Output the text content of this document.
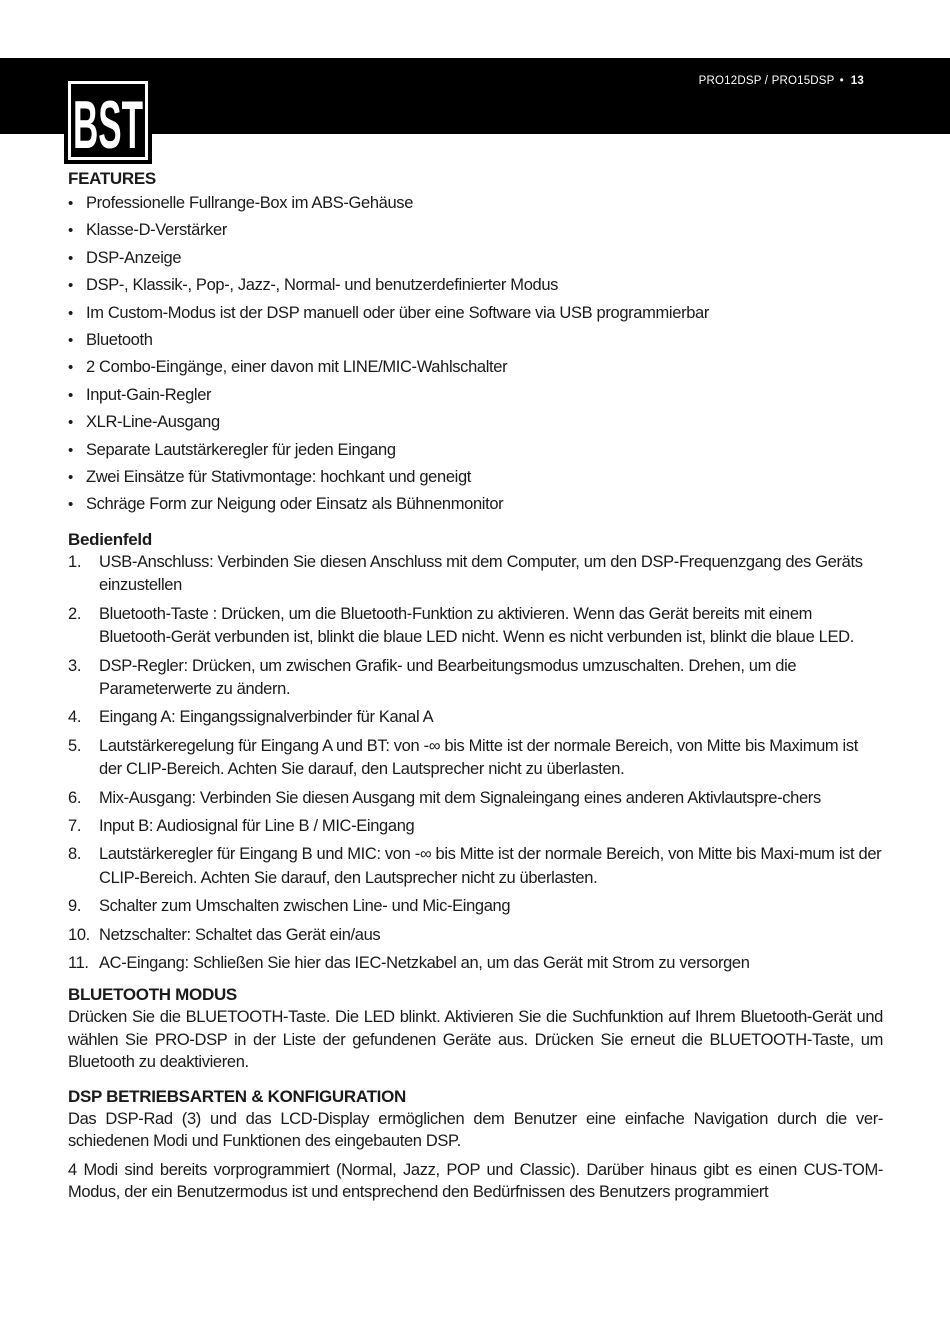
PRO12DSP / PRO15DSP • 13
BST
FEATURES
• Professionelle Fullrange-Box im ABS-Gehäuse
• Klasse-D-Verstärker
• DSP-Anzeige
• DSP-, Klassik-, Pop-, Jazz-, Normal- und benutzerdefinierter Modus
• Im Custom-Modus ist der DSP manuell oder über eine Software via USB programmierbar
• Bluetooth
• 2 Combo-Eingänge, einer davon mit LINE/MIC-Wahlschalter
• Input-Gain-Regler
• XLR-Line-Ausgang
• Separate Lautstärkeregler für jeden Eingang
• Zwei Einsätze für Stativmontage: hochkant und geneigt
• Schräge Form zur Neigung oder Einsatz als Bühnenmonitor
Bedienfeld
1. USB-Anschluss: Verbinden Sie diesen Anschluss mit dem Computer, um den DSP-Frequenzgang des Geräts einzustellen
2. Bluetooth-Taste : Drücken, um die Bluetooth-Funktion zu aktivieren. Wenn das Gerät bereits mit einem Bluetooth-Gerät verbunden ist, blinkt die blaue LED nicht. Wenn es nicht verbunden ist, blinkt die blaue LED.
3. DSP-Regler: Drücken, um zwischen Grafik- und Bearbeitungsmodus umzuschalten. Drehen, um die Parameterwerte zu ändern.
4. Eingang A: Eingangssignalverbinder für Kanal A
5. Lautstärkeregelung für Eingang A und BT: von -∞ bis Mitte ist der normale Bereich, von Mitte bis Maximum ist der CLIP-Bereich. Achten Sie darauf, den Lautsprecher nicht zu überlasten.
6. Mix-Ausgang: Verbinden Sie diesen Ausgang mit dem Signaleingang eines anderen Aktivlautspre-chers
7. Input B: Audiosignal für Line B / MIC-Eingang
8. Lautstärkeregler für Eingang B und MIC: von -∞ bis Mitte ist der normale Bereich, von Mitte bis Maxi-mum ist der CLIP-Bereich. Achten Sie darauf, den Lautsprecher nicht zu überlasten.
9. Schalter zum Umschalten zwischen Line- und Mic-Eingang
10. Netzschalter: Schaltet das Gerät ein/aus
11. AC-Eingang: Schließen Sie hier das IEC-Netzkabel an, um das Gerät mit Strom zu versorgen
BLUETOOTH MODUS

Drücken Sie die BLUETOOTH-Taste. Die LED blinkt. Aktivieren Sie die Suchfunktion auf Ihrem Bluetooth-Gerät und wählen Sie PRO-DSP in der Liste der gefundenen Geräte aus. Drücken Sie erneut die BLUETOOTH-Taste, um Bluetooth zu deaktivieren.

DSP BETRIEBSARTEN & KONFIGURATION

Das DSP-Rad (3) und das LCD-Display ermöglichen dem Benutzer eine einfache Navigation durch die ver-schiedenen Modi und Funktionen des eingebauten DSP.

4 Modi sind bereits vorprogrammiert (Normal, Jazz, POP und Classic). Darüber hinaus gibt es einen CUS-TOM-Modus, der ein Benutzermodus ist und entsprechend den Bedürfnissen des Benutzers programmiert
